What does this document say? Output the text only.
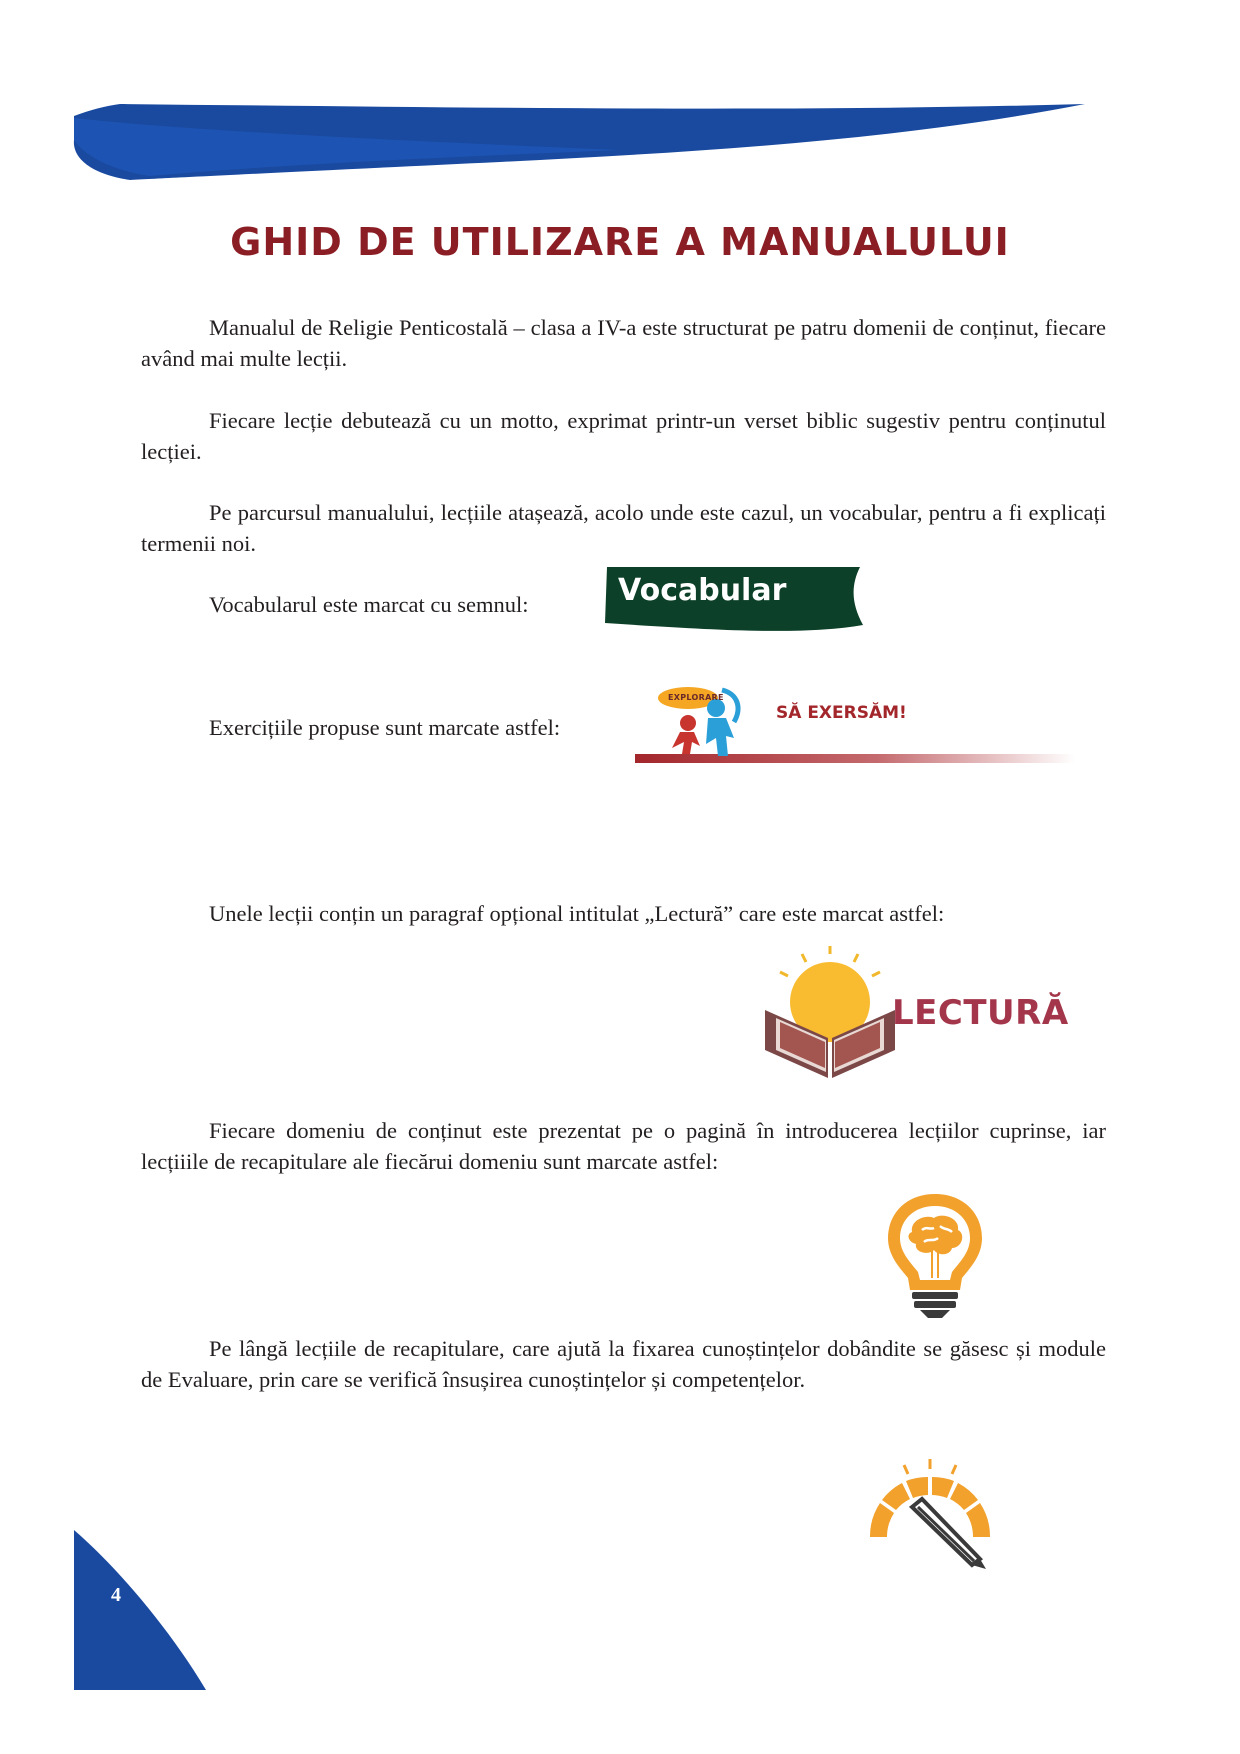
GHID DE UTILIZARE A MANUALULUI

Manualul de Religie Penticostală – clasa a IV-a este structurat pe patru domenii de conținut, fiecare având mai multe lecții.

Fiecare lecție debutează cu un motto, exprimat printr-un verset biblic sugestiv pentru conținutul lecției.

Pe parcursul manualului, lecțiile atașează, acolo unde este cazul, un vocabular, pentru a fi explicați termenii noi.

Vocabularul este marcat cu semnul:	Vocabular
Exercițiile propuse sunt marcate astfel:
EXPLORARE
SĂ EXERSĂM!
Unele lecții conțin un paragraf opțional intitulat „Lectură” care este marcat astfel:
LECTURĂ

Fiecare domeniu de conținut este prezentat pe o pagină în introducerea lecțiilor cuprinse, iar lecțiiile de recapitulare ale fiecărui domeniu sunt marcate astfel:

Pe lângă lecțiile de recapitulare, care ajută la fixarea cunoștințelor dobândite se găsesc și module de Evaluare, prin care se verifică însușirea cunoștințelor și competențelor.

4
